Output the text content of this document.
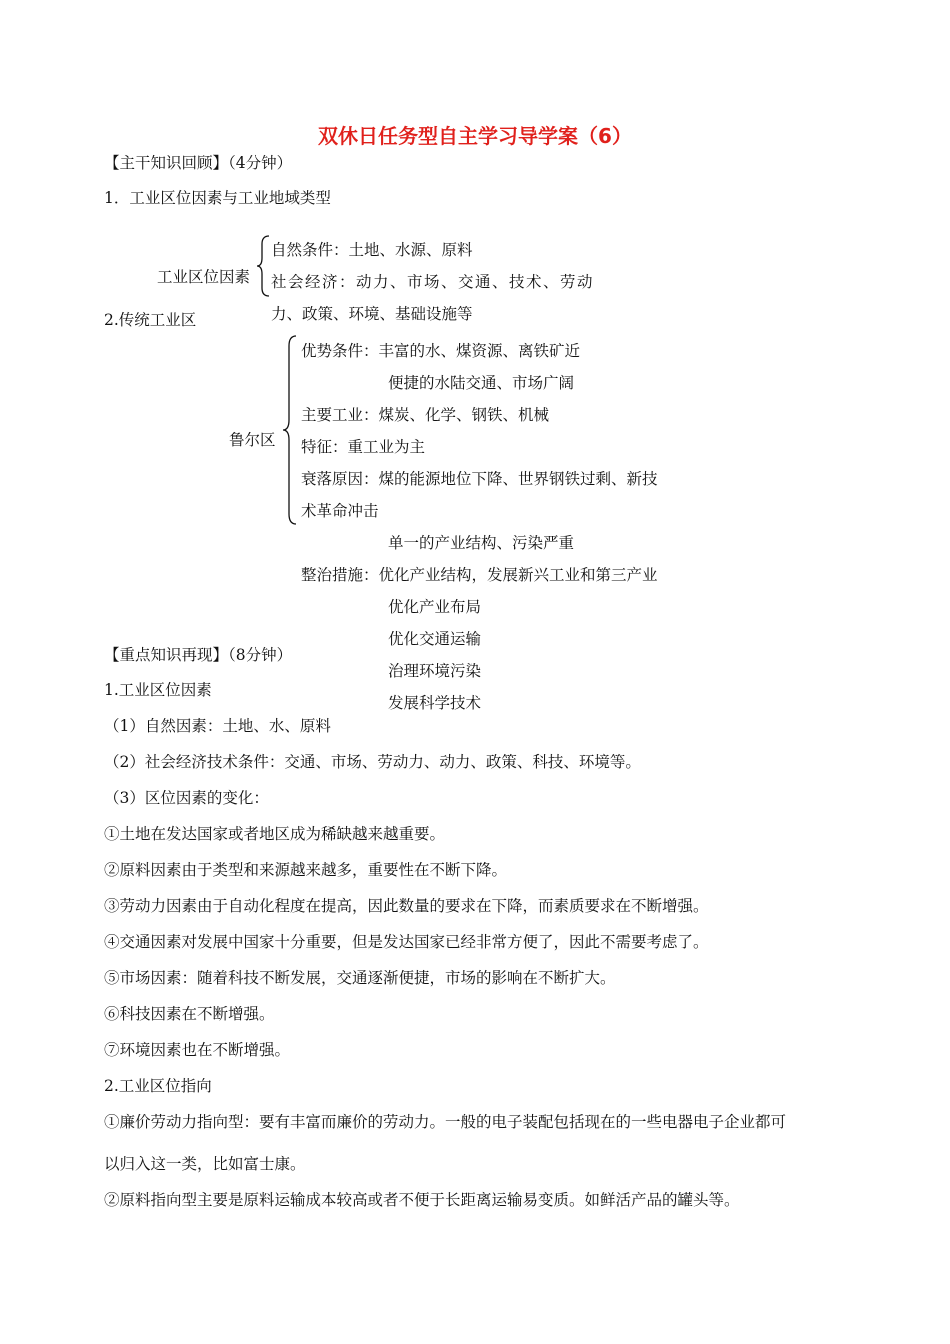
双休日任务型自主学习导学案（6）
【主干知识回顾】（4分钟）
1．工业区位因素与工业地域类型
工业区位因素
自然条件：土地、水源、原料
社会经济：动力、市场、交通、技术、劳动
力、政策、环境、基础设施等
2.传统工业区
鲁尔区
优势条件：丰富的水、煤资源、离铁矿近
便捷的水陆交通、市场广阔
主要工业：煤炭、化学、钢铁、机械
特征：重工业为主
衰落原因：煤的能源地位下降、世界钢铁过剩、新技
术革命冲击
单一的产业结构、污染严重
整治措施：优化产业结构，发展新兴工业和第三产业
优化产业布局
优化交通运输
治理环境污染
发展科学技术
【重点知识再现】（8分钟）
1.工业区位因素
（1）自然因素：土地、水、原料
（2）社会经济技术条件：交通、市场、劳动力、动力、政策、科技、环境等。
（3）区位因素的变化：
①土地在发达国家或者地区成为稀缺越来越重要。
②原料因素由于类型和来源越来越多，重要性在不断下降。
③劳动力因素由于自动化程度在提高，因此数量的要求在下降，而素质要求在不断增强。
④交通因素对发展中国家十分重要，但是发达国家已经非常方便了，因此不需要考虑了。
⑤市场因素：随着科技不断发展，交通逐渐便捷，市场的影响在不断扩大。
⑥科技因素在不断增强。
⑦环境因素也在不断增强。
2.工业区位指向
①廉价劳动力指向型：要有丰富而廉价的劳动力。一般的电子装配包括现在的一些电器电子企业都可
以归入这一类，比如富士康。
②原料指向型主要是原料运输成本较高或者不便于长距离运输易变质。如鲜活产品的罐头等。
